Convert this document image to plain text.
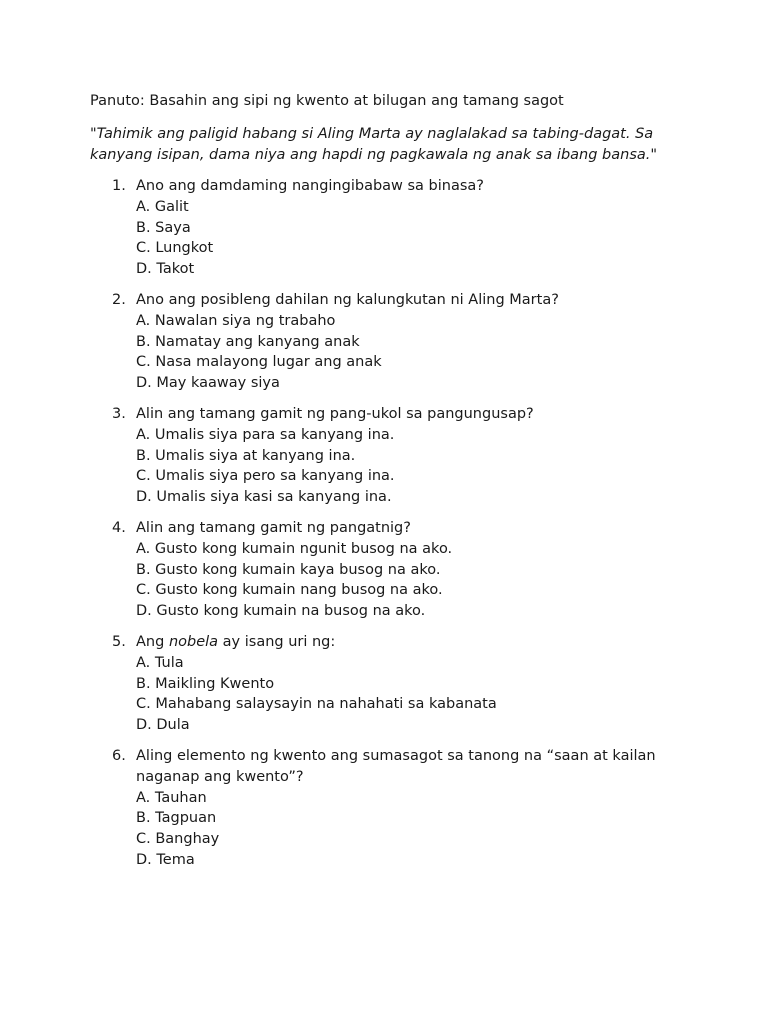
Panuto: Basahin ang sipi ng kwento at bilugan ang tamang sagot
"Tahimik ang paligid habang si Aling Marta ay naglalakad sa tabing-dagat. Sa kanyang isipan, dama niya ang hapdi ng pagkawala ng anak sa ibang bansa."
1. Ano ang damdaming nangingibabaw sa binasa?
A. Galit
B. Saya
C. Lungkot
D. Takot
2. Ano ang posibleng dahilan ng kalungkutan ni Aling Marta?
A. Nawalan siya ng trabaho
B. Namatay ang kanyang anak
C. Nasa malayong lugar ang anak
D. May kaaway siya
3. Alin ang tamang gamit ng pang-ukol sa pangungusap?
A. Umalis siya para sa kanyang ina.
B. Umalis siya at kanyang ina.
C. Umalis siya pero sa kanyang ina.
D. Umalis siya kasi sa kanyang ina.
4. Alin ang tamang gamit ng pangatnig?
A. Gusto kong kumain ngunit busog na ako.
B. Gusto kong kumain kaya busog na ako.
C. Gusto kong kumain nang busog na ako.
D. Gusto kong kumain na busog na ako.
5. Ang nobela ay isang uri ng:
A. Tula
B. Maikling Kwento
C. Mahabang salaysayin na nahahati sa kabanata
D. Dula
6. Aling elemento ng kwento ang sumasagot sa tanong na “saan at kailan naganap ang kwento”?
A. Tauhan
B. Tagpuan
C. Banghay
D. Tema
